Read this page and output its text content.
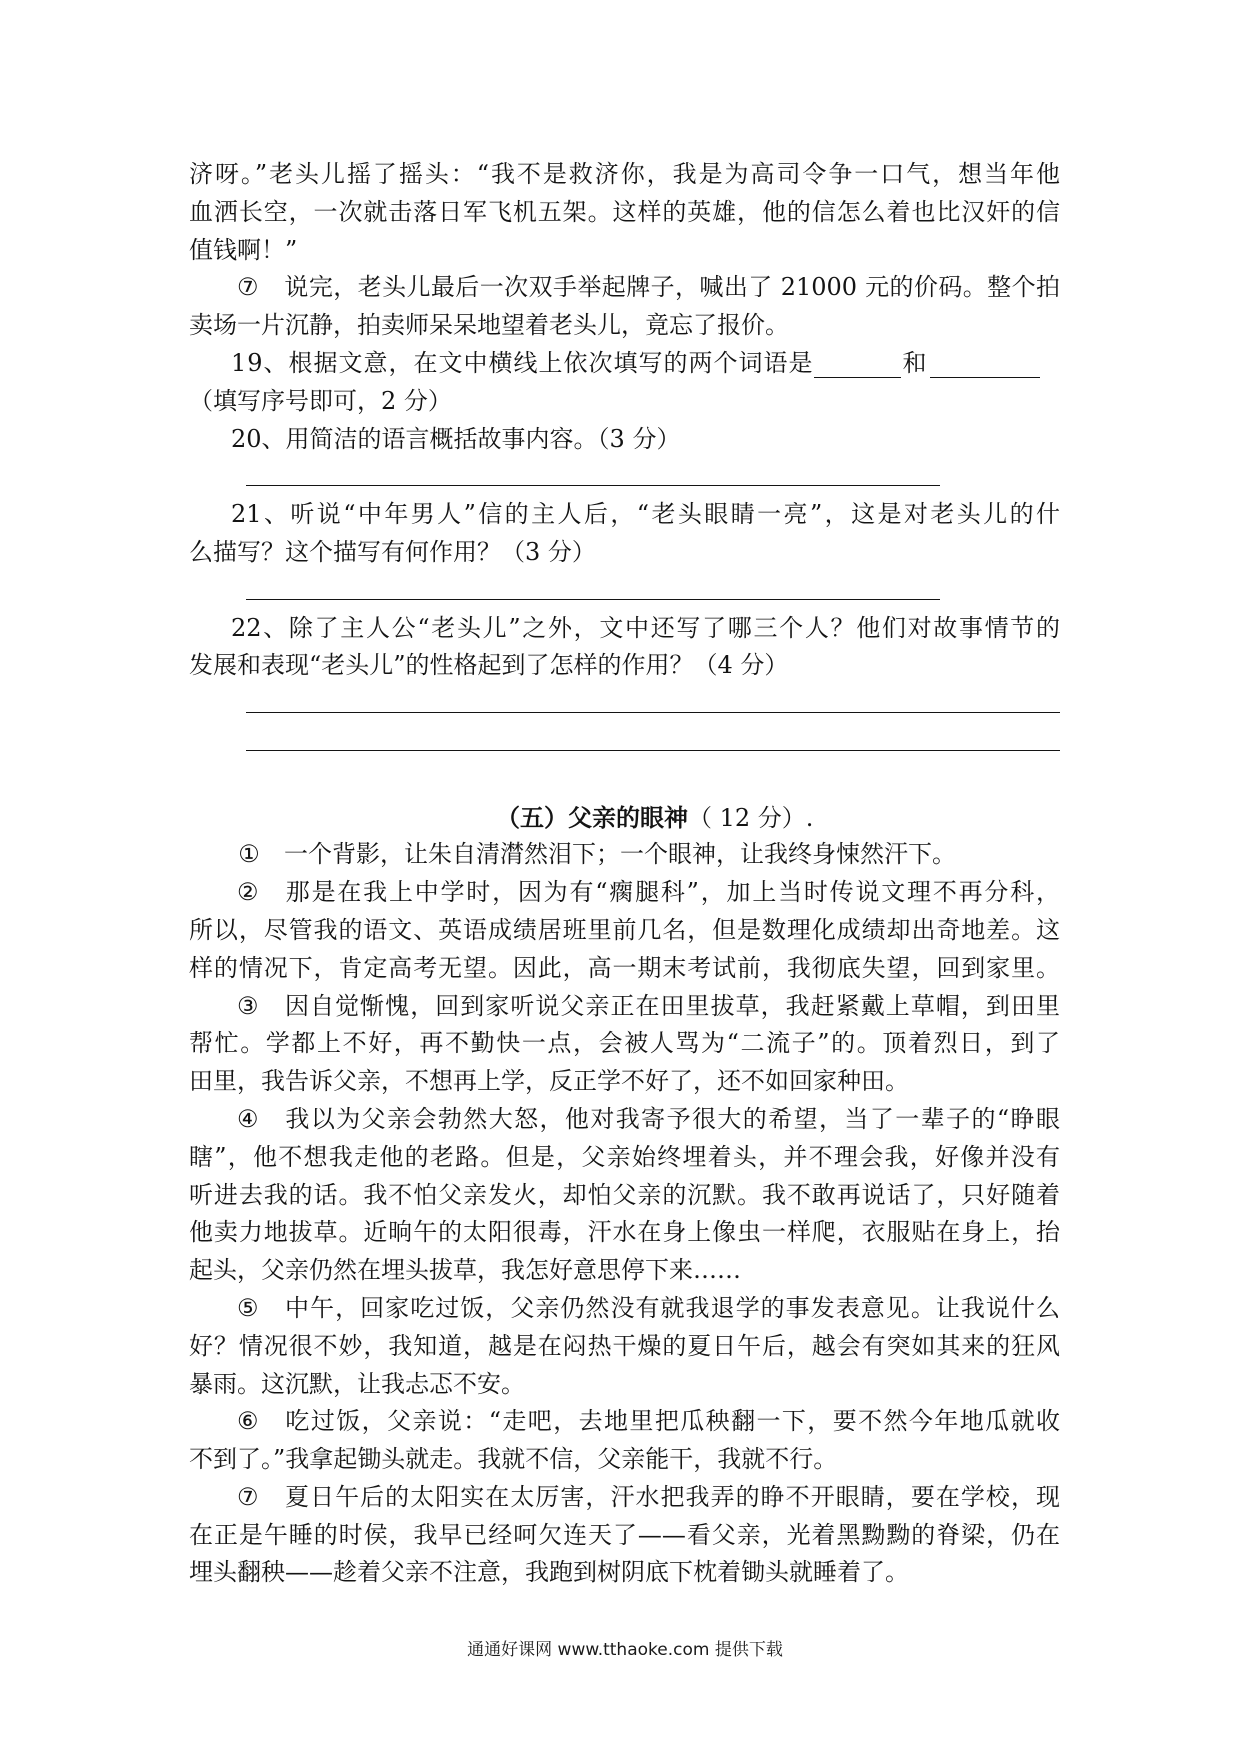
济呀。”老头儿摇了摇头：“我不是救济你，我是为高司令争一口气，想当年他
血洒长空，一次就击落日军飞机五架。这样的英雄，他的信怎么着也比汉奸的信
值钱啊！”
⑦ 说完，老头儿最后一次双手举起牌子，喊出了 21000 元的价码。整个拍
卖场一片沉静，拍卖师呆呆地望着老头儿，竟忘了报价。
19、根据文意，在文中横线上依次填写的两个词语是	和
（填写序号即可，2 分）
20、用简洁的语言概括故事内容。（3 分）
21、听说“中年男人”信的主人后，“老头眼睛一亮”，这是对老头儿的什
么描写？这个描写有何作用？（3 分）
22、除了主人公“老头儿”之外，文中还写了哪三个人？他们对故事情节的
发展和表现“老头儿”的性格起到了怎样的作用？（4 分）
（五）父亲的眼神（ 12 分）.
① 一个背影，让朱自清潸然泪下；一个眼神，让我终身悚然汗下。
② 那是在我上中学时，因为有“瘸腿科”，加上当时传说文理不再分科，
所以，尽管我的语文、英语成绩居班里前几名，但是数理化成绩却出奇地差。这
样的情况下，肯定高考无望。因此，高一期末考试前，我彻底失望，回到家里。
③ 因自觉惭愧，回到家听说父亲正在田里拔草，我赶紧戴上草帽，到田里
帮忙。学都上不好，再不勤快一点，会被人骂为“二流子”的。顶着烈日，到了
田里，我告诉父亲，不想再上学，反正学不好了，还不如回家种田。
④ 我以为父亲会勃然大怒，他对我寄予很大的希望，当了一辈子的“睁眼
瞎”，他不想我走他的老路。但是，父亲始终埋着头，并不理会我，好像并没有
听进去我的话。我不怕父亲发火，却怕父亲的沉默。我不敢再说话了，只好随着
他卖力地拔草。近晌午的太阳很毒，汗水在身上像虫一样爬，衣服贴在身上，抬
起头，父亲仍然在埋头拔草，我怎好意思停下来……
⑤ 中午，回家吃过饭，父亲仍然没有就我退学的事发表意见。让我说什么
好？情况很不妙，我知道，越是在闷热干燥的夏日午后，越会有突如其来的狂风
暴雨。这沉默，让我忐忑不安。
⑥ 吃过饭，父亲说：“走吧，去地里把瓜秧翻一下，要不然今年地瓜就收
不到了。”我拿起锄头就走。我就不信，父亲能干，我就不行。
⑦ 夏日午后的太阳实在太厉害，汗水把我弄的睁不开眼睛，要在学校，现
在正是午睡的时侯，我早已经呵欠连天了——看父亲，光着黑黝黝的脊梁，仍在
埋头翻秧——趁着父亲不注意，我跑到树阴底下枕着锄头就睡着了。
通通好课网 www.tthaoke.com 提供下载
